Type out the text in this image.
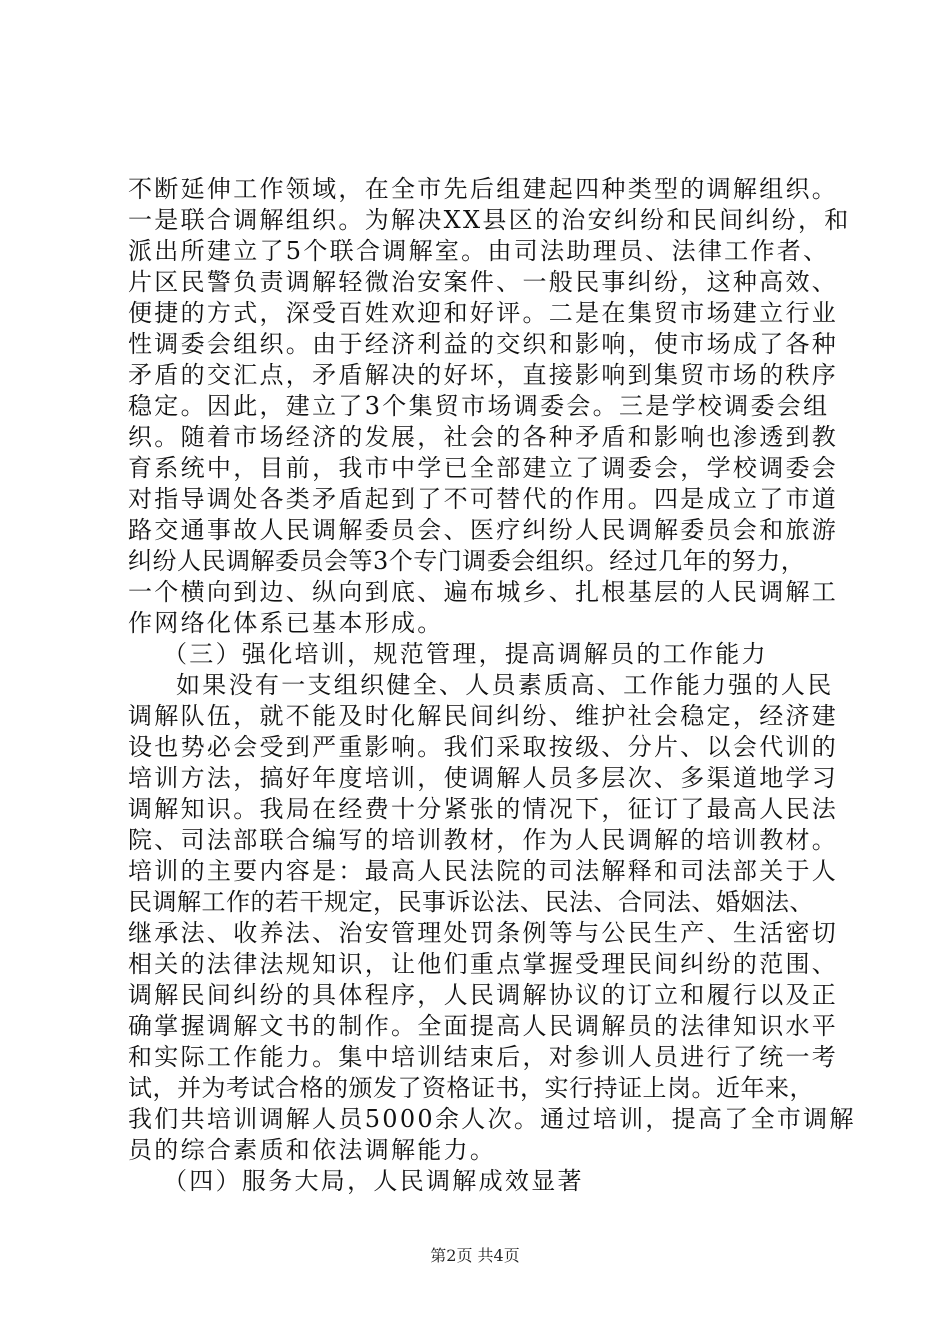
不断延伸工作领域，在全市先后组建起四种类型的调解组织。
一是联合调解组织。为解决XX县区的治安纠纷和民间纠纷，和
派出所建立了5个联合调解室。由司法助理员、法律工作者、
片区民警负责调解轻微治安案件、一般民事纠纷，这种高效、
便捷的方式，深受百姓欢迎和好评。二是在集贸市场建立行业
性调委会组织。由于经济利益的交织和影响，使市场成了各种
矛盾的交汇点，矛盾解决的好坏，直接影响到集贸市场的秩序
稳定。因此，建立了3个集贸市场调委会。三是学校调委会组
织。随着市场经济的发展，社会的各种矛盾和影响也渗透到教
育系统中，目前，我市中学已全部建立了调委会，学校调委会
对指导调处各类矛盾起到了不可替代的作用。四是成立了市道
路交通事故人民调解委员会、医疗纠纷人民调解委员会和旅游
纠纷人民调解委员会等3个专门调委会组织。经过几年的努力，
一个横向到边、纵向到底、遍布城乡、扎根基层的人民调解工
作网络化体系已基本形成。
（三）强化培训，规范管理，提高调解员的工作能力
如果没有一支组织健全、人员素质高、工作能力强的人民
调解队伍，就不能及时化解民间纠纷、维护社会稳定，经济建
设也势必会受到严重影响。我们采取按级、分片、以会代训的
培训方法，搞好年度培训，使调解人员多层次、多渠道地学习
调解知识。我局在经费十分紧张的情况下，征订了最高人民法
院、司法部联合编写的培训教材，作为人民调解的培训教材。
培训的主要内容是：最高人民法院的司法解释和司法部关于人
民调解工作的若干规定，民事诉讼法、民法、合同法、婚姻法、
继承法、收养法、治安管理处罚条例等与公民生产、生活密切
相关的法律法规知识，让他们重点掌握受理民间纠纷的范围、
调解民间纠纷的具体程序，人民调解协议的订立和履行以及正
确掌握调解文书的制作。全面提高人民调解员的法律知识水平
和实际工作能力。集中培训结束后，对参训人员进行了统一考
试，并为考试合格的颁发了资格证书，实行持证上岗。近年来，
我们共培训调解人员5000余人次。通过培训，提高了全市调解
员的综合素质和依法调解能力。
（四）服务大局，人民调解成效显著
第2页 共4页
